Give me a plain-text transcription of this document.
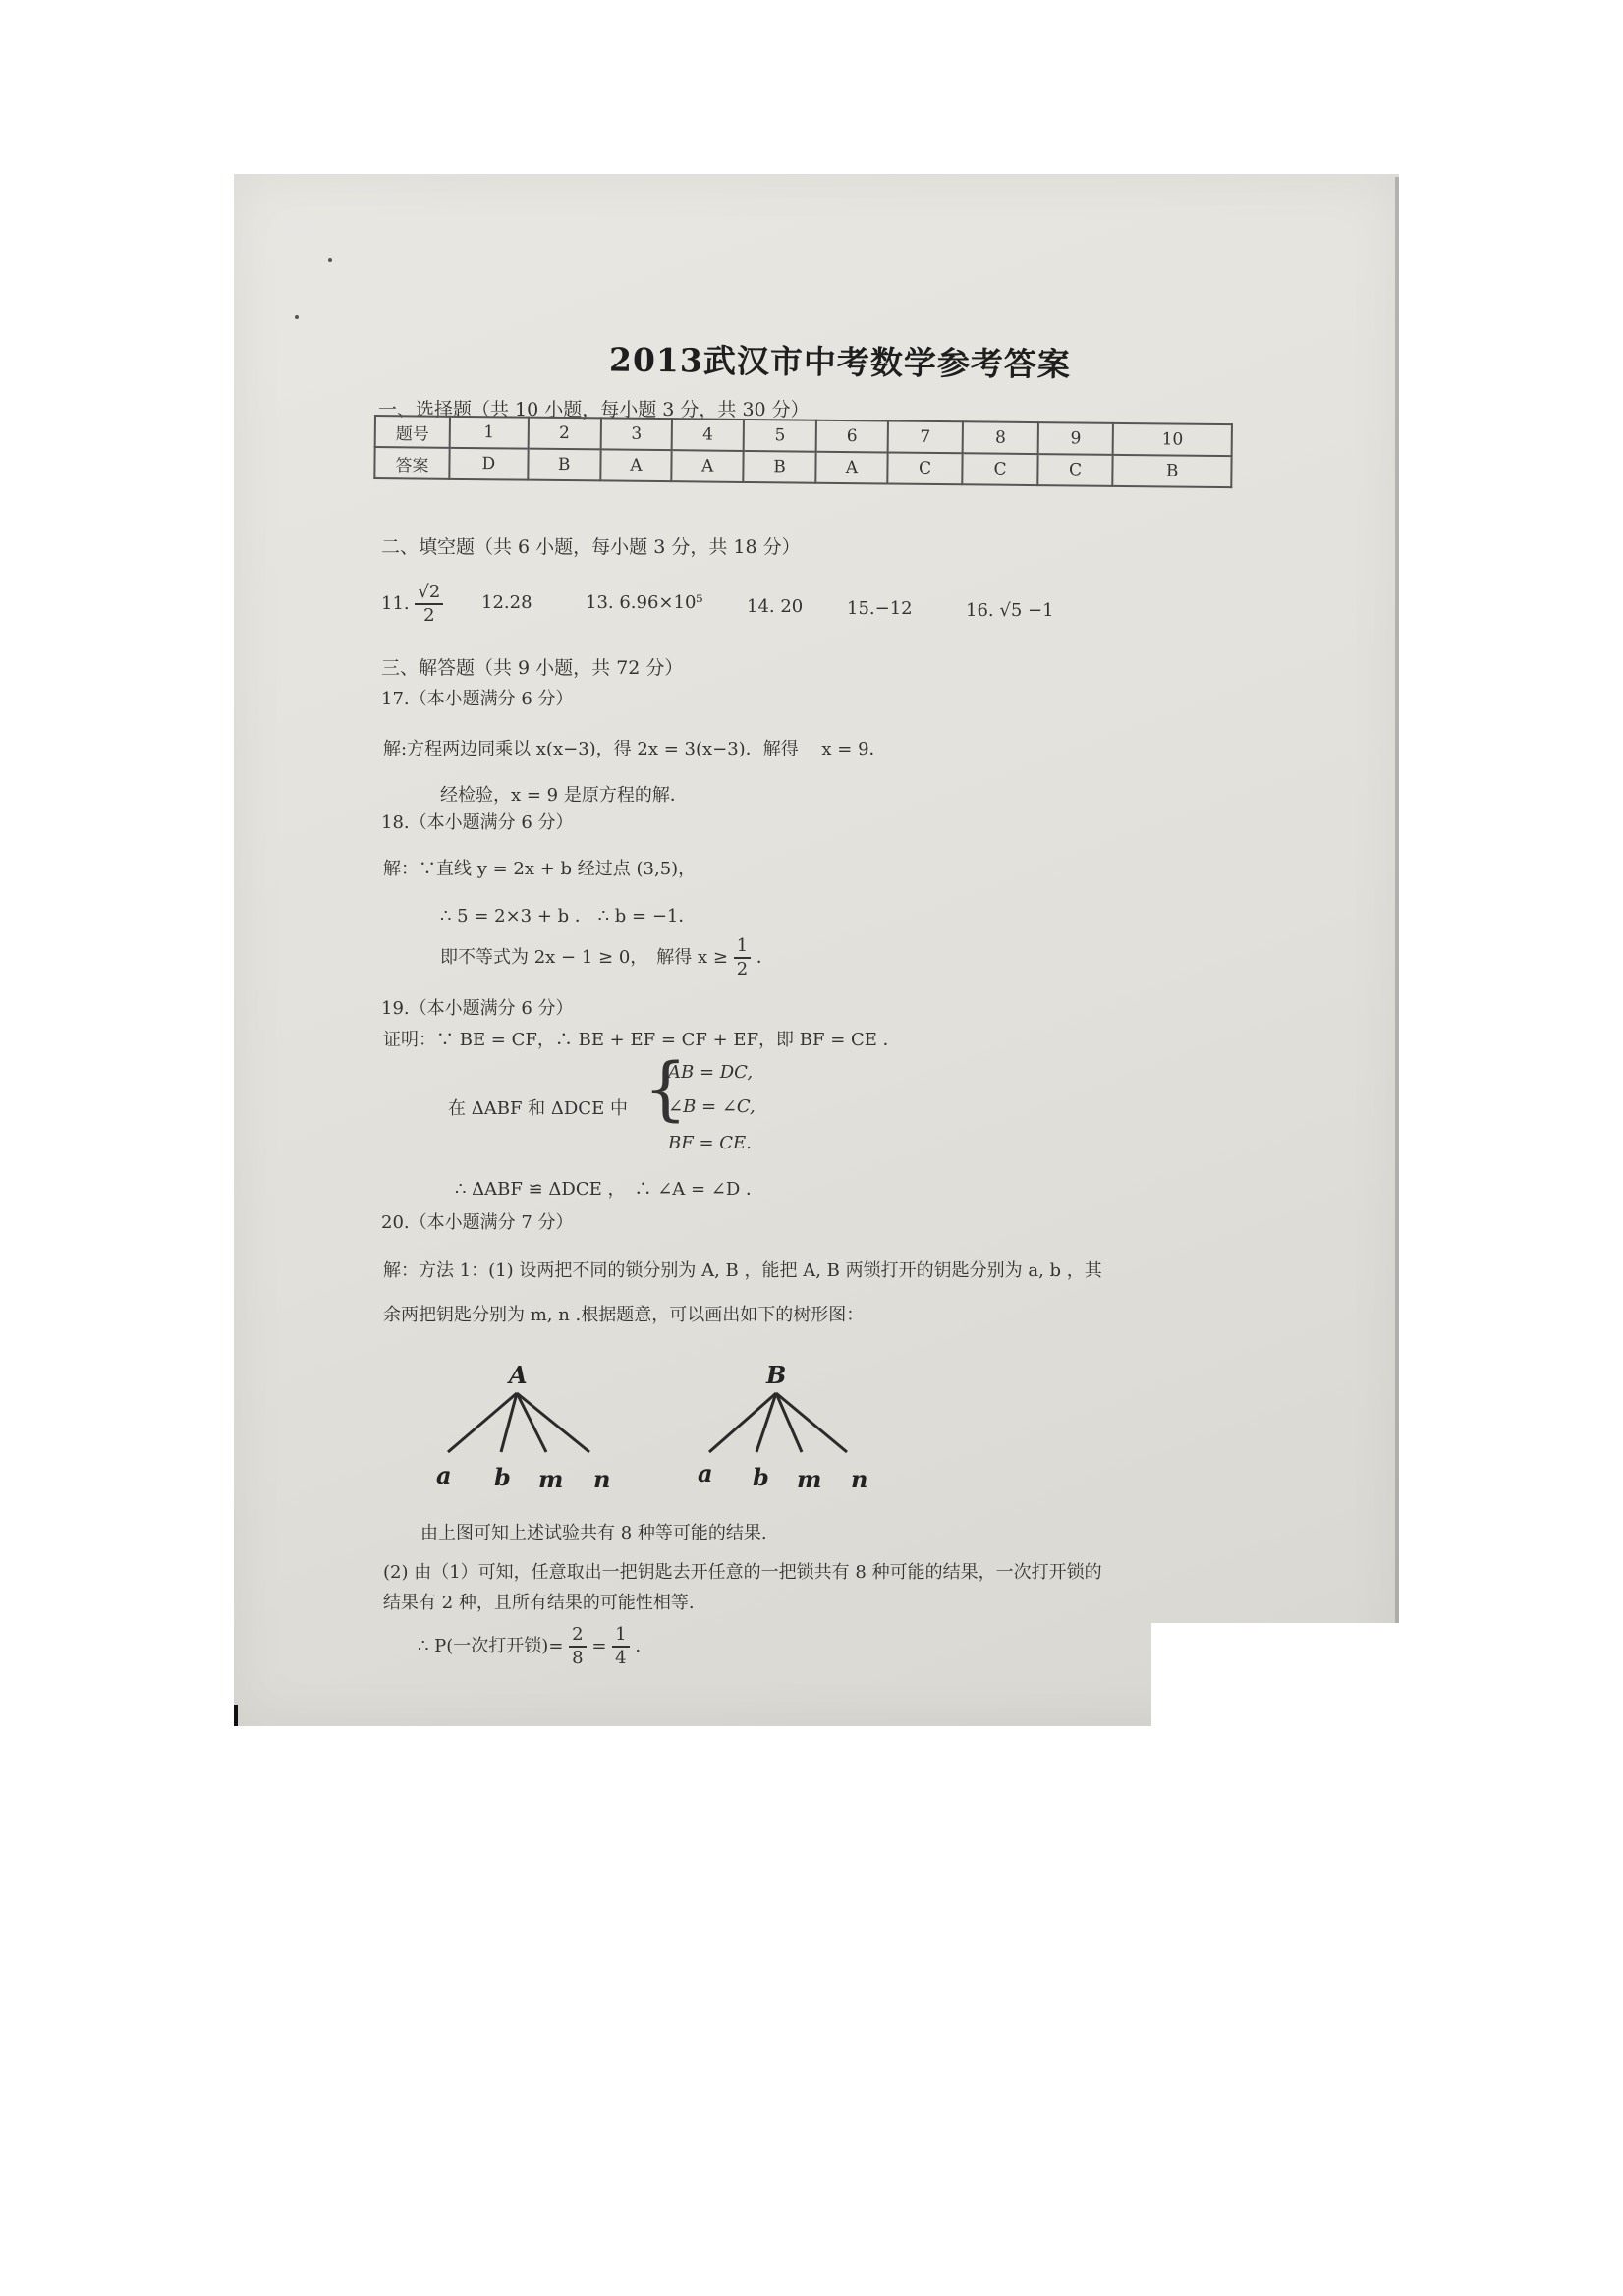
2013武汉市中考数学参考答案
一、选择题（共 10 小题，每小题 3 分，共 30 分）
题号	1	2	3	4	5	6	7	8	9	10
答案	D	B	A	A	B	A	C	C	C	B
二、填空题（共 6 小题，每小题 3 分，共 18 分）
11. $\frac{√2}{2} 12.28$	13. 6.96×10⁵ 14. 20 15.−12	16. √5 −1
三、解答题（共 9 小题，共 72 分）
17.（本小题满分 6 分）
解:方程两边同乘以 x(x−3)，得 2x = 3(x−3)．解得　 x = 9．
经检验，x = 9 是原方程的解．
18.（本小题满分 6 分）
解：∵直线 y = 2x + b 经过点 (3,5)，
∴ 5 = 2×3 + b ． ∴ b = −1．
即不等式为 2x − 1 ≥ 0，　解得 $x \ge \frac{1}{2}$ ．
19.（本小题满分 6 分）
证明：∵ BE = CF，∴ BE + EF = CF + EF，即 BF = CE ．
在 ΔABF 和 ΔDCE 中 {
AB = DC,
∠B = ∠C,
BF = CE.
∴ ΔABF ≌ ΔDCE ，　∴ ∠A = ∠D ．
20.（本小题满分 7 分）
解：方法 1：(1) 设两把不同的锁分别为 A, B ，能把 A, B 两锁打开的钥匙分别为 a, b ，其
余两把钥匙分别为 m, n .根据题意，可以画出如下的树形图：
A	B
a b m n	a b m n
由上图可知上述试验共有 8 种等可能的结果.
(2) 由（1）可知，任意取出一把钥匙去开任意的一把锁共有 8 种可能的结果，一次打开锁的
结果有 2 种，且所有结果的可能性相等.
∴ P(一次打开锁)= $\frac{2}{8} = \frac{1}{4}$ .
